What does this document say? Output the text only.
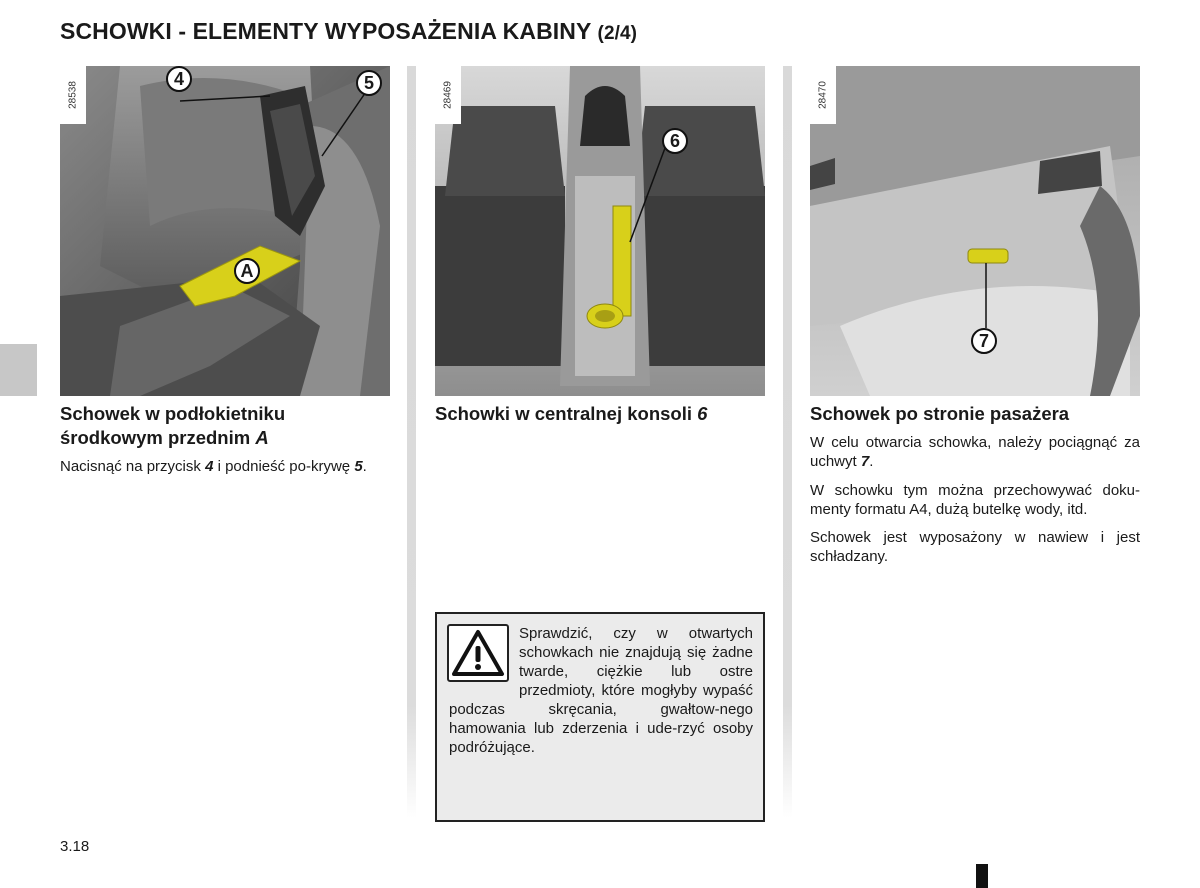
SCHOWKI - ELEMENTY WYPOSAŻENIA KABINY (2/4)
28538
4	5
A
28469
6
28470
7
Schowek w podłokietniku
środkowym przednim A
Nacisnąć na przycisk 4 i podnieść po-krywę 5.
Schowki w centralnej konsoli 6
Sprawdzić, czy w otwartych schowkach nie znajdują się żadne twarde, ciężkie lub ostre przedmioty, które mogłyby wypaść podczas skręcania, gwałtow-nego hamowania lub zderzenia i ude-rzyć osoby podróżujące.
Schowek po stronie pasażera
W celu otwarcia schowka, należy pociągnąć za uchwyt 7.
W schowku tym można przechowywać doku-menty formatu A4, dużą butelkę wody, itd.
Schowek jest wyposażony w nawiew i jest schładzany.
3.18
